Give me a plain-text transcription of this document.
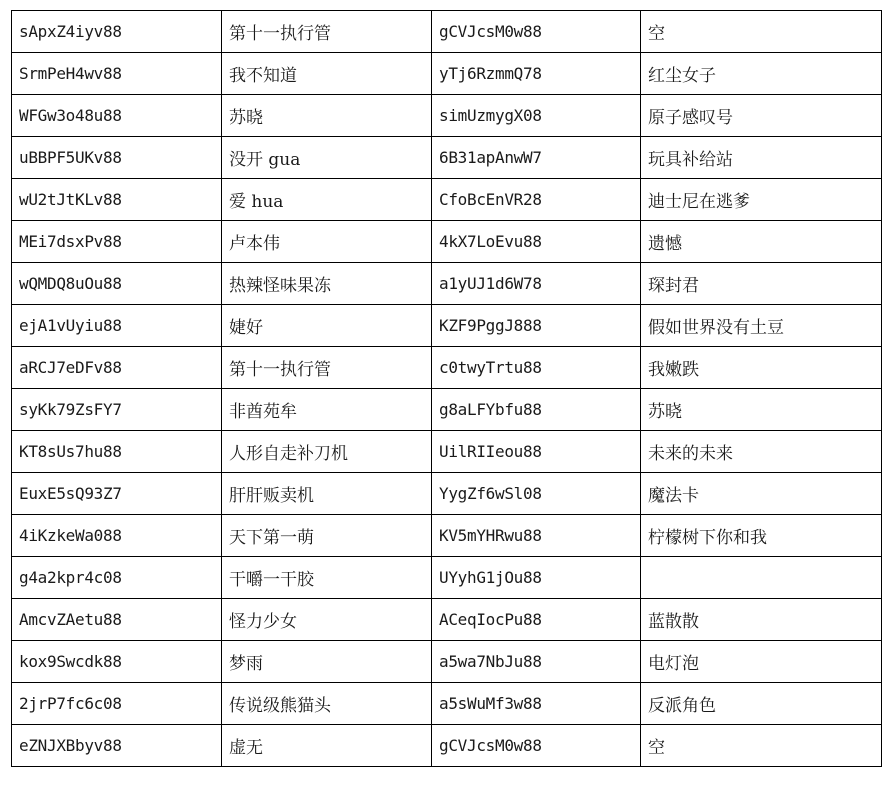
sApxZ4iyv88	第十一执行管	gCVJcsM0w88	空
SrmPeH4wv88	我不知道	yTj6RzmmQ78	红尘女子
WFGw3o48u88	苏晓	simUzmygX08	原子感叹号
uBBPF5UKv88	没开 gua	6B31apAnwW7	玩具补给站
wU2tJtKLv88	爱 hua	CfoBcEnVR28	迪士尼在逃爹
MEi7dsxPv88	卢本伟	4kX7LoEvu88	遗憾
wQMDQ8uOu88	热辣怪味果冻	a1yUJ1d6W78	琛封君
ejA1vUyiu88	婕好	KZF9PggJ888	假如世界没有土豆
aRCJ7eDFv88	第十一执行管	c0twyTrtu88	我嫩跌
syKk79ZsFY7	非酋苑牟	g8aLFYbfu88	苏晓
KT8sUs7hu88	人形自走补刀机	UilRIIeou88	未来的未来
EuxE5sQ93Z7	肝肝贩卖机	YygZf6wSl08	魔法卡
4iKzkeWa088	天下第一萌	KV5mYHRwu88	柠檬树下你和我
g4a2kpr4c08	干嚼一干胶	UYyhG1jOu88	
AmcvZAetu88	怪力少女	ACeqIocPu88	蓝散散
kox9Swcdk88	梦雨	a5wa7NbJu88	电灯泡
2jrP7fc6c08	传说级熊猫头	a5sWuMf3w88	反派角色
eZNJXBbyv88	虚无	gCVJcsM0w88	空
